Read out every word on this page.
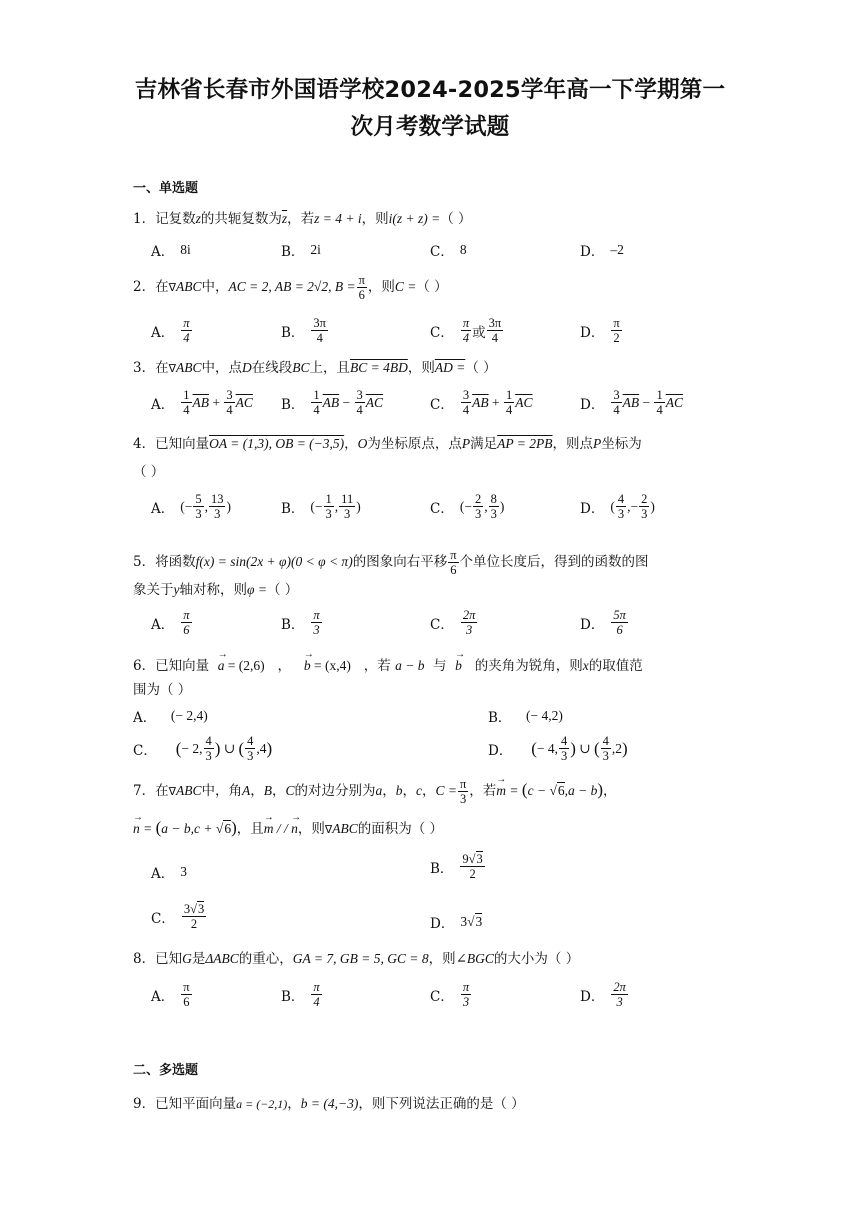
吉林省长春市外国语学校2024-2025学年高一下学期第一
次月考数学试题
一、单选题
1．记复数z的共轭复数为$\overline{z}$，若z = 4 + i，则i(z + z) =（ ）
A． 8i	B． 2i	C． 8	D． –2
2．在∇ABC中，AC = 2, AB = 2√2, $B = \frac{\pi}{6}$ ，则C =（ ）
A． $\frac{\pi}{4}$	B． $\frac{3\pi}{4}$	C． $\frac{\pi}{4}$ 或 $\frac{3\pi}{4}$	D． $\frac{\pi}{2}$
3．在∇ABC中，点D在线段BC上，且BC = 4BD，则AD =（ ）
A． $\frac{1}{4} \overline{AB} + \frac{3}{4} \overline{AC}$ B． $\frac{1}{4} \overline{AB} - \frac{3}{4} \overline{AC}$	C． $\frac{3}{4} \overline{AB} + \frac{1}{4} \overline{AC}$	D． $\frac{3}{4} \overline{AB} - \frac{1}{4} \overline{AC}$
4．已知向量OA = (1,3), OB = (−3,5)，O为坐标原点，点P满足AP = 2PB，则点P坐标为
（ ）
A． (− $\frac{5}{3}$ , $\frac{13}{3}$ )	B． (− $\frac{1}{3}$ , $\frac{11}{3}$ )	C． (− $\frac{2}{3}$ , $\frac{8}{3}$ )	D． ( $\frac{4}{3}$ ,− $\frac{2}{3}$ )
5．将函数f(x) = sin(2x + φ)(0 < φ < π)的图象向右平移 $\frac{\pi}{6}$ 个单位长度后，得到的函数的图
象关于y轴对称，则φ =（ ）
A． $\frac{\pi}{6}$	B． $\frac{\pi}{3}$	C． $\frac{2\pi}{3}$	D． $\frac{5\pi}{6}$
6．已知向量 → a = (2,6) ， → b = (x,4) ，若 a − b 与 → b 的夹角为锐角，则x的取值范
围为（ ）
A．
(− 2,4)	B．
(− 4,2)
C．
( − 2, $\frac{4}{3}$ )
∪
( $\frac{4}{3} ,4$ )	D．
( − 4, $\frac{4}{3}$ )
∪
( $\frac{4}{3} ,2$ )
7．在∇ABC中，角A，B，C的对边分别为a，b，c，$C = \frac{\pi}{3}$ ，若→ m = (c − √6,a − b)，
→ n = (a − b,c + √6)，且→ m / / → n，则∇ABC的面积为（ ）
A． 3	B． $\frac{9√3}{2}$
C． $\frac{3√3}{2}$	D． 3 √3
8．已知G是ΔABC的重心，GA = 7, GB = 5, GC = 8，则∠BGC的大小为（ ）
A． $\frac{\pi}{6}$	B． $\frac{\pi}{4}$	C． $\frac{\pi}{3}$	D． $\frac{2\pi}{3}$
二、多选题
9．已知平面向量a = (−2,1)，b = (4,−3)，则下列说法正确的是（ ）
